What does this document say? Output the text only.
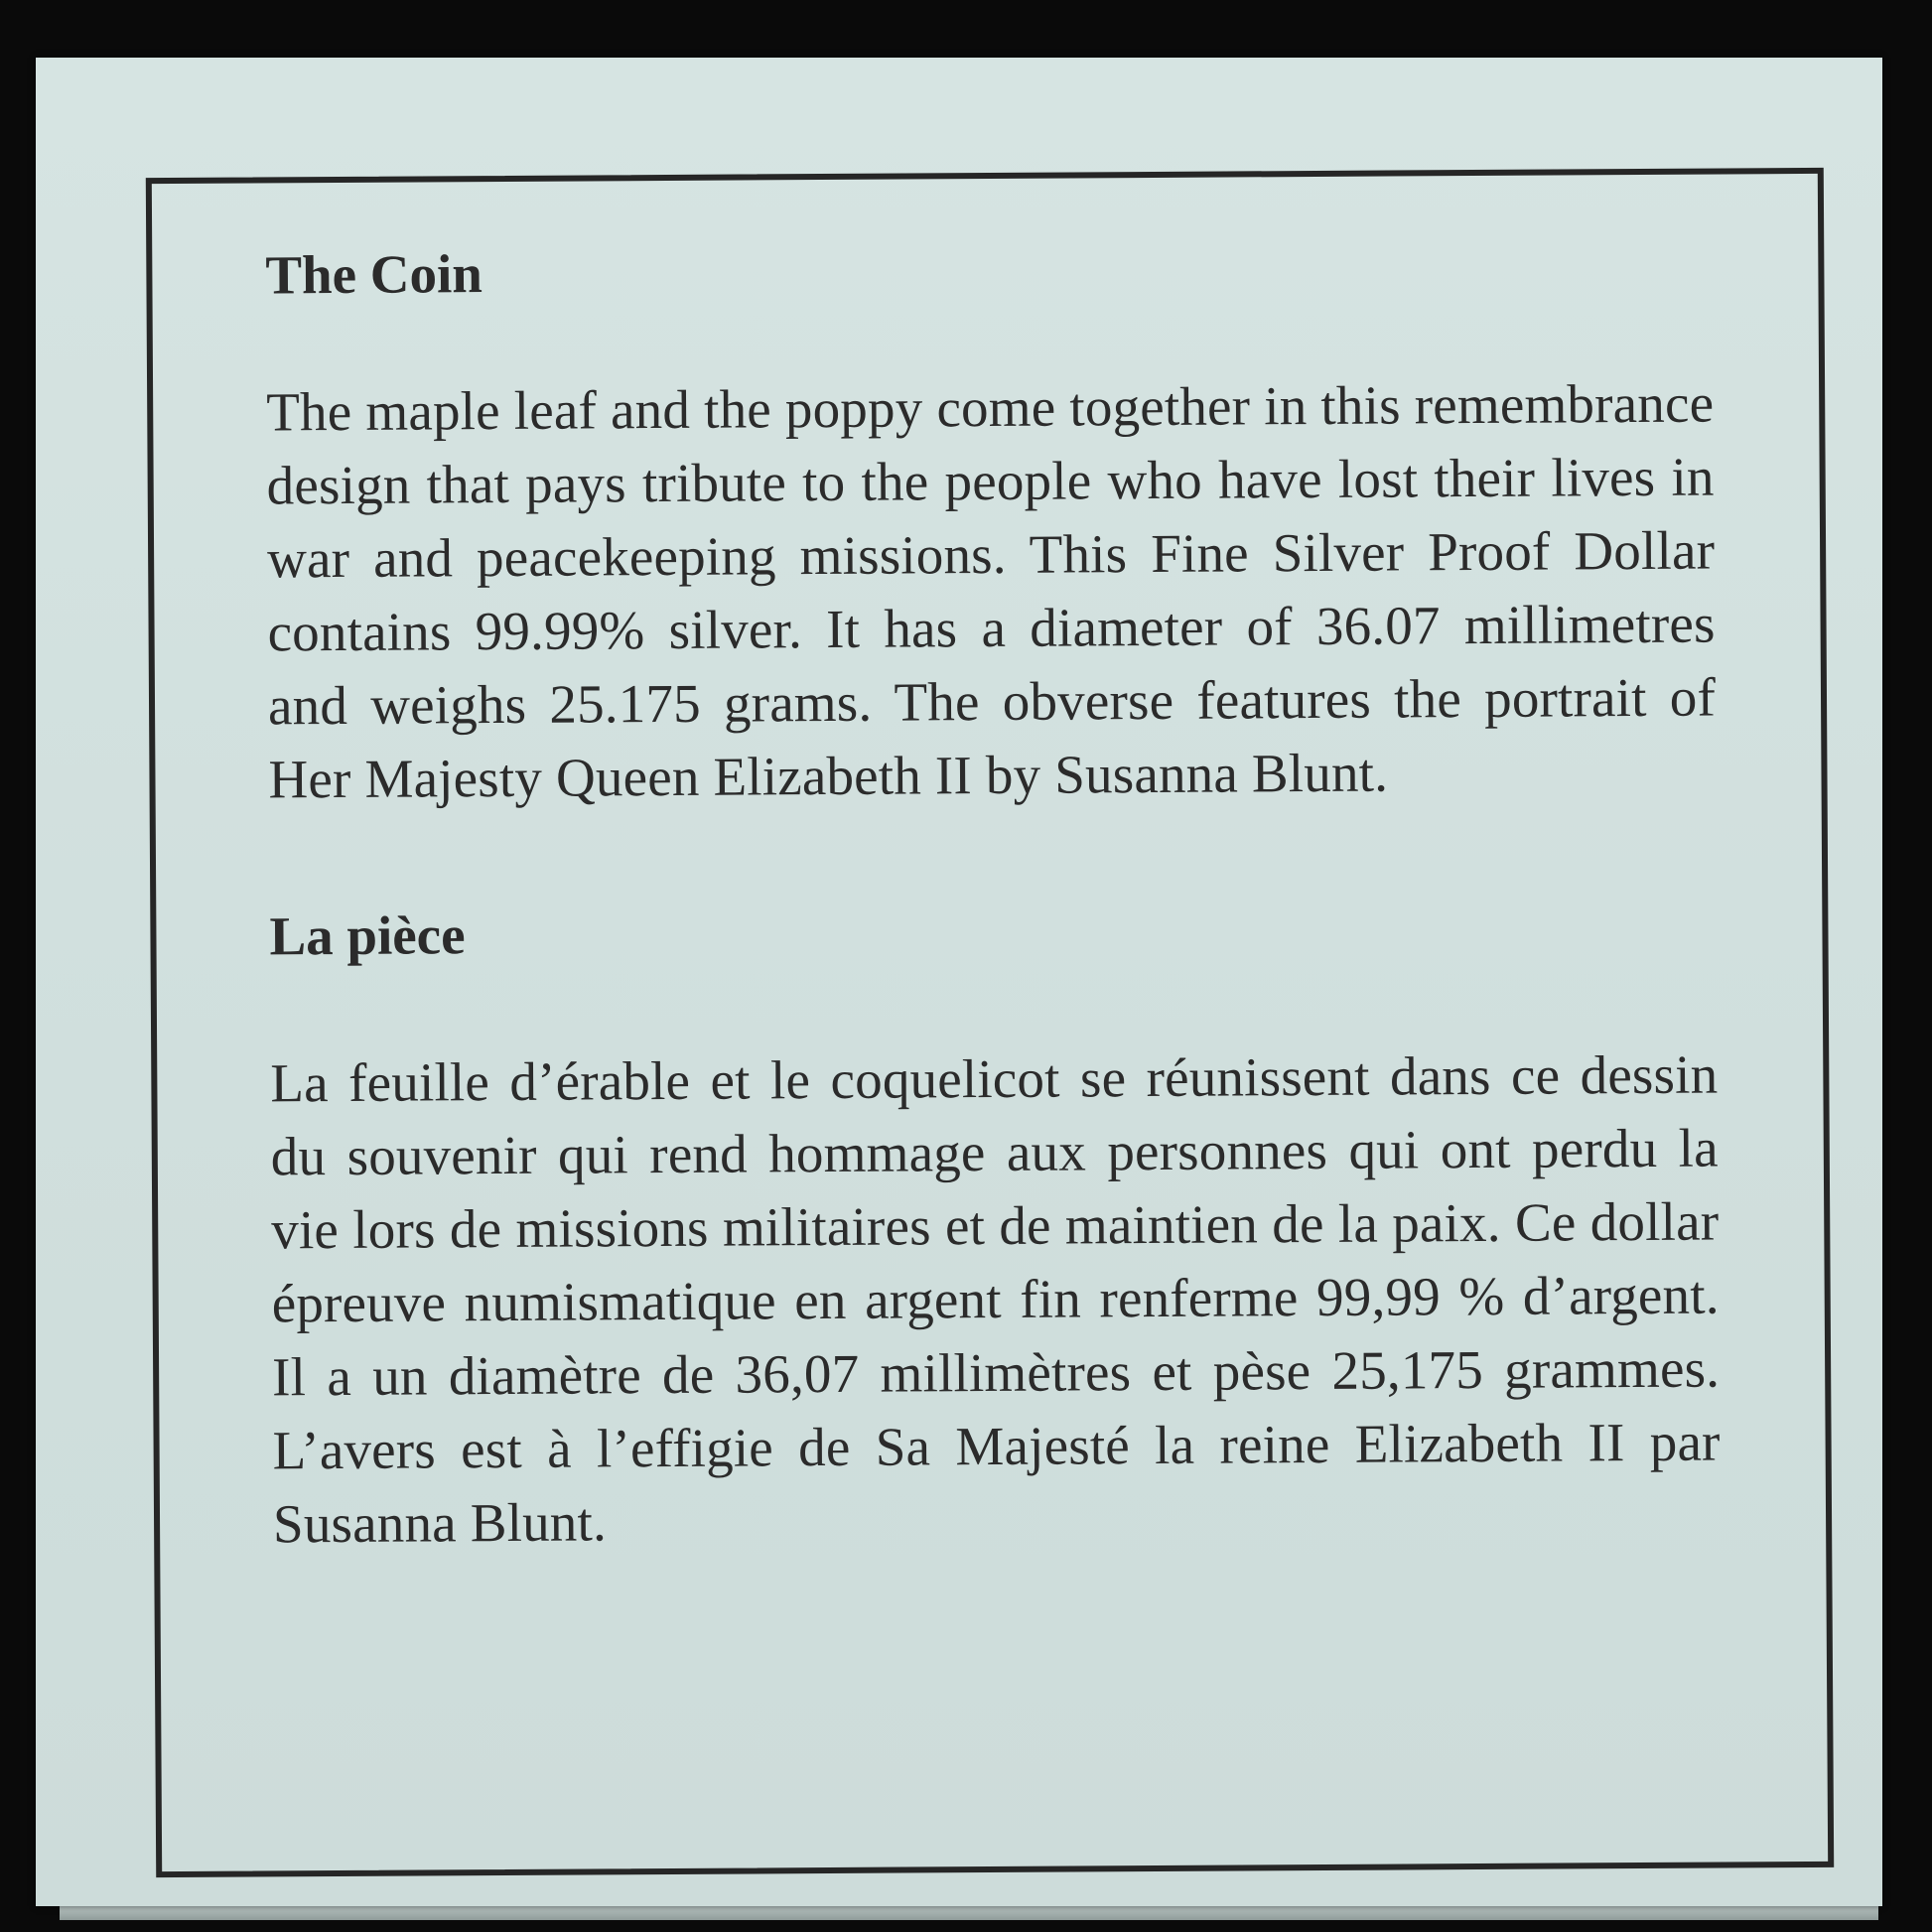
The Coin

The maple leaf and the poppy come together in this remembrance design that pays tribute to the people who have lost their lives in war and peacekeeping missions. This Fine Silver Proof Dollar contains 99.99% silver. It has a diameter of 36.07 millimetres and weighs 25.175 grams. The obverse features the portrait of Her Majesty Queen Elizabeth II by Susanna Blunt.

La pièce

La feuille d’érable et le coquelicot se réunissent dans ce dessin du souvenir qui rend hommage aux personnes qui ont perdu la vie lors de missions militaires et de maintien de la paix. Ce dollar épreuve numismatique en argent fin renferme 99,99 % d’argent. Il a un diamètre de 36,07 millimètres et pèse 25,175 grammes. L’avers est à l’effigie de Sa Majesté la reine Elizabeth II par Susanna Blunt.
